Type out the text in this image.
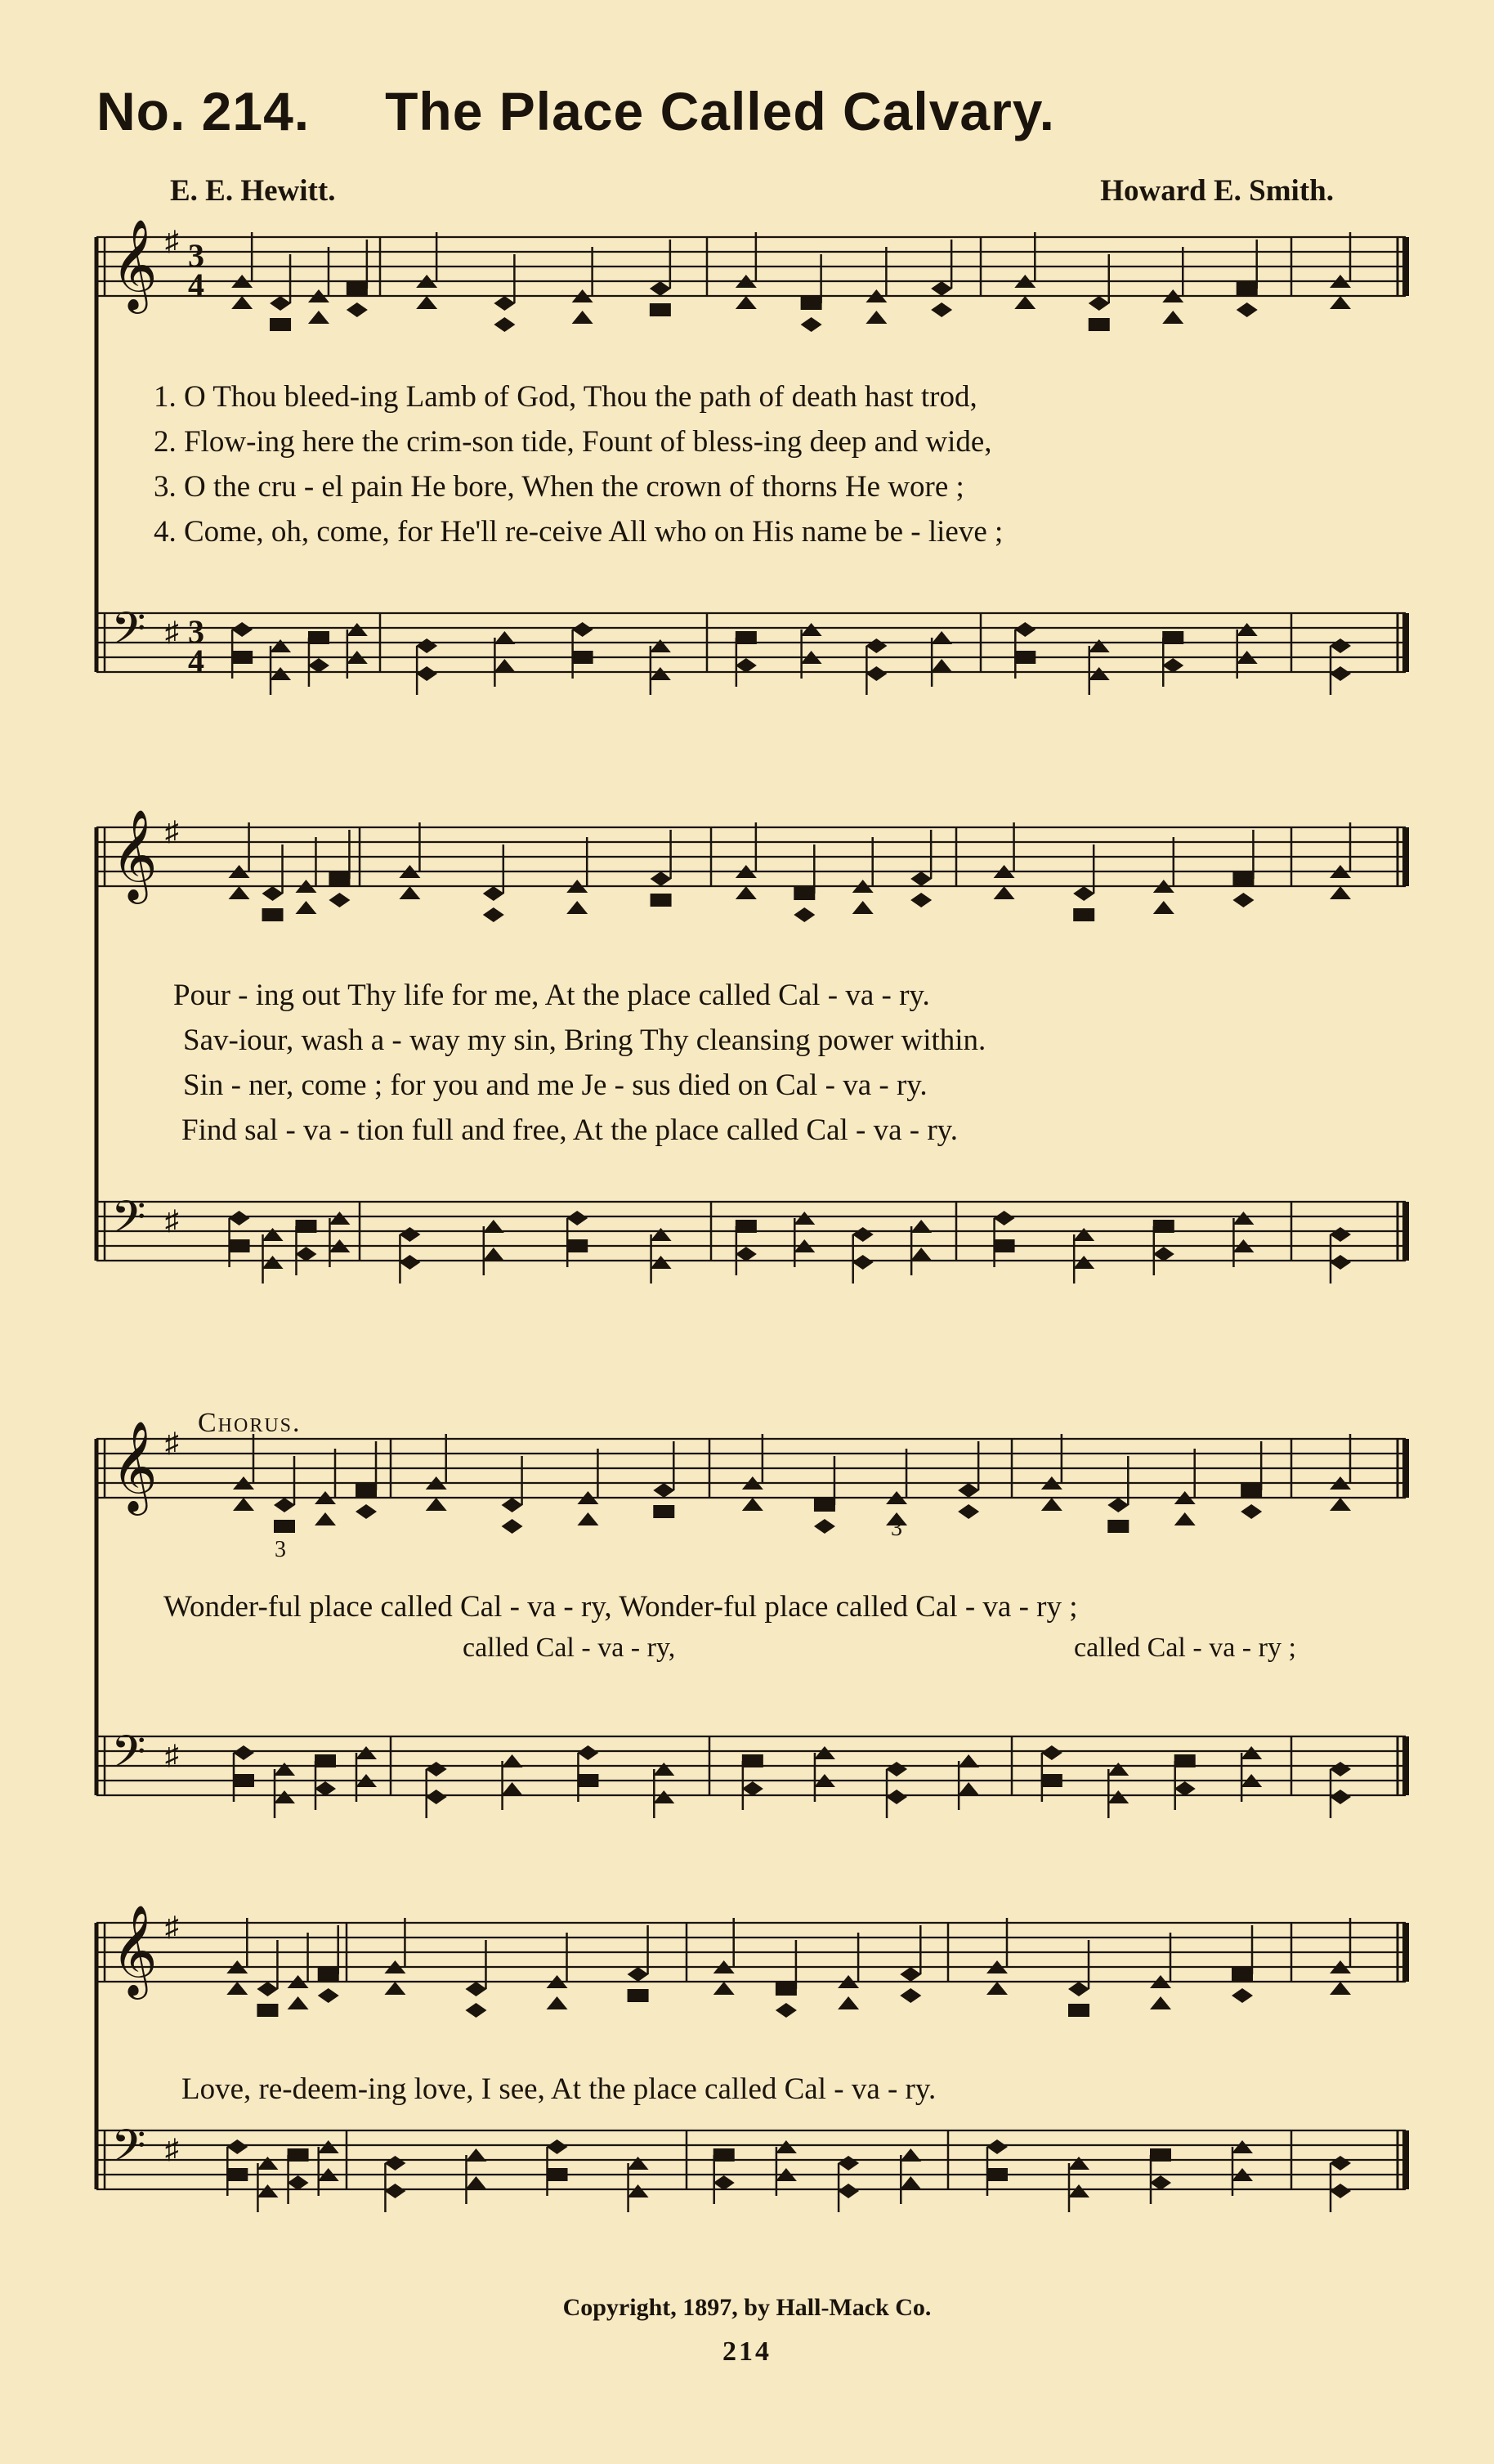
No. 214. The Place Called Calvary.
E. E. Hewitt.	Howard E. Smith.
𝄞
𝄢
♯
♯
3
4
3
4
𝄞
𝄢
♯
♯
𝄞
𝄢
♯
♯
𝄞
𝄢
♯
♯
1. O Thou bleed-ing Lamb of God, Thou the path of death hast trod,
2. Flow-ing here the crim-son tide, Fount of bless-ing deep and wide,
3. O the cru - el pain He bore, When the crown of thorns He wore ;
4. Come, oh, come, for He'll re-ceive All who on His name be - lieve ;
Pour - ing out Thy life for me, At the place called Cal - va - ry.
Sav-iour, wash a - way my sin, Bring Thy cleansing power within.
Sin - ner, come ; for you and me Je - sus died on Cal - va - ry.
Find sal - va - tion full and free, At the place called Cal - va - ry.
Chorus.
Wonder-ful place called Cal - va - ry, Wonder-ful place called Cal - va - ry ;
called Cal - va - ry,	called Cal - va - ry ;
Love, re-deem-ing love, I see, At the place called Cal - va - ry.
3
3
Copyright, 1897, by Hall-Mack Co.
214
